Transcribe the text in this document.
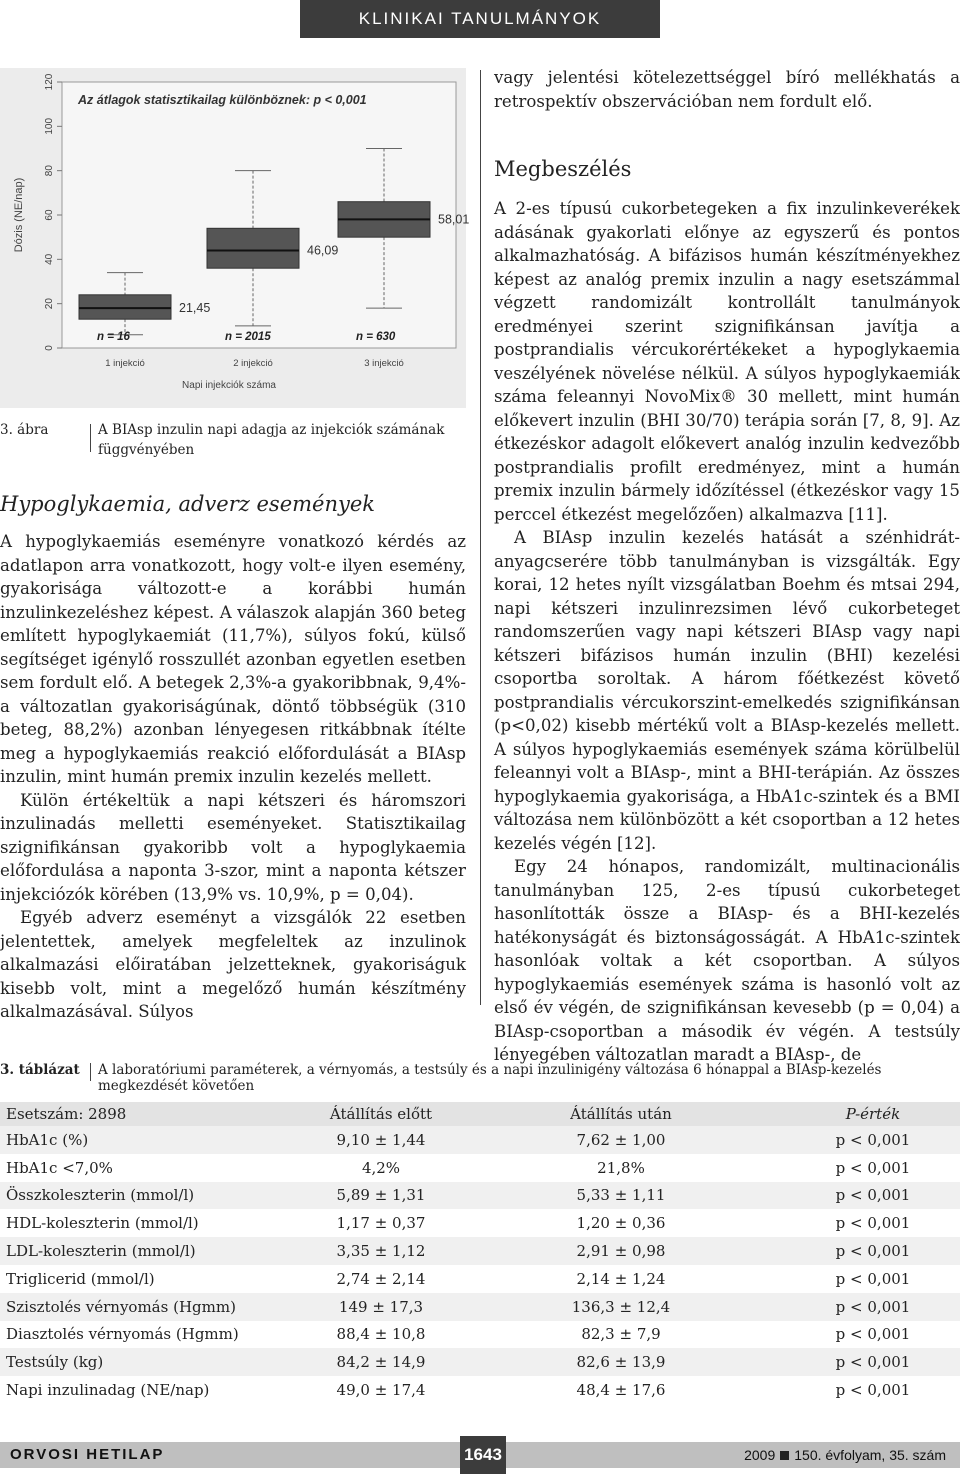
KLINIKAI TANULMÁNYOK
0
20
40
60
80
100
120
Dózis (NE/nap)
Az átlagok statisztikailag különböznek: p < 0,001
21,45
n = 16
1 injekció
46,09
n = 2015
2 injekció
58,01
n = 630
3 injekció
Napi injekciók száma
3. ábra	A BIAsp inzulin napi adagja az injekciók számának függvényében
Hypoglykaemia, adverz események

A hypoglykaemiás eseményre vonatkozó kérdés az adatlapon arra vonatkozott, hogy volt-e ilyen esemény, gyakorisága változott-e a korábbi humán inzulinkezeléshez képest. A válaszok alapján 360 beteg említett hypoglykaemiát (11,7%), súlyos fokú, külső segítséget igénylő rosszullét azonban egyetlen esetben sem fordult elő. A betegek 2,3%-a gyakoribbnak, 9,4%-a változatlan gyakoriságúnak, döntő többségük (310 beteg, 88,2%) azonban lényegesen ritkábbnak ítélte meg a hypoglykaemiás reakció előfordulását a BIAsp inzulin, mint humán premix inzulin kezelés mellett.

Külön értékeltük a napi kétszeri és háromszori inzulinadás melletti eseményeket. Statisztikailag szignifikánsan gyakoribb volt a hypoglykaemia előfordulása a naponta 3-szor, mint a naponta kétszer injekciózók körében (13,9% vs. 10,9%, p = 0,04).

Egyéb adverz eseményt a vizsgálók 22 esetben jelentettek, amelyek megfeleltek az inzulinok alkalmazási előiratában jelzetteknek, gyakoriságuk kisebb volt, mint a megelőző humán készítmény alkalmazásával. Súlyos

vagy jelentési kötelezettséggel bíró mellékhatás a retrospektív obszervációban nem fordult elő.

Megbeszélés

A 2-es típusú cukorbetegeken a fix inzulinkeverékek adásának gyakorlati előnye az egyszerű és pontos alkalmazhatóság. A bifázisos humán készítményekhez képest az analóg premix inzulin a nagy esetszámmal végzett randomizált kontrollált tanulmányok eredményei szerint szignifikánsan javítja a postprandialis vércukorértékeket a hypoglykaemia veszélyének növelése nélkül. A súlyos hypoglykaemiák száma feleannyi NovoMix® 30 mellett, mint humán előkevert inzulin (BHI 30/70) terápia során [7, 8, 9]. Az étkezéskor adagolt előkevert analóg inzulin kedvezőbb postprandialis profilt eredményez, mint a humán premix inzulin bármely időzítéssel (étkezéskor vagy 15 perccel étkezést megelőzően) alkalmazva [11].

A BIAsp inzulin kezelés hatását a szénhidrát-anyagcserére több tanulmányban is vizsgálták. Egy korai, 12 hetes nyílt vizsgálatban Boehm és mtsai 294, napi kétszeri inzulinrezsimen lévő cukorbeteget randomszerűen vagy napi kétszeri BIAsp vagy napi kétszeri bifázisos humán inzulin (BHI) kezelési csoportba soroltak. A három főétkezést követő postprandialis vércukorszint-emelkedés szignifikánsan (p<0,02) kisebb mértékű volt a BIAsp-kezelés mellett. A súlyos hypoglykaemiás események száma körülbelül feleannyi volt a BIAsp-, mint a BHI-terápián. Az összes hypoglykaemia gyakorisága, a HbA1c-szintek és a BMI változása nem különbözött a két csoportban a 12 hetes kezelés végén [12].

Egy 24 hónapos, randomizált, multinacionális tanulmányban 125, 2-es típusú cukorbeteget hasonlították össze a BIAsp- és a BHI-kezelés hatékonyságát és biztonságosságát. A HbA1c-szintek hasonlóak voltak a két csoportban. A súlyos hypoglykaemiás események száma is hasonló volt az első év végén, de szignifikánsan kevesebb (p = 0,04) a BIAsp-csoportban a második év végén. A testsúly lényegében változatlan maradt a BIAsp-, de

3. táblázat A laboratóriumi paraméterek, a vérnyomás, a testsúly és a napi inzulinigény változása 6 hónappal a BIAsp-kezelés megkezdését követően
Esetszám: 2898	Átállítás előtt	Átállítás után	P-érték
HbA1c (%)	9,10 ± 1,44	7,62 ± 1,00	p < 0,001
HbA1c <7,0%	4,2%	21,8%	p < 0,001
Összkoleszterin (mmol/l)	5,89 ± 1,31	5,33 ± 1,11	p < 0,001
HDL-koleszterin (mmol/l)	1,17 ± 0,37	1,20 ± 0,36	p < 0,001
LDL-koleszterin (mmol/l)	3,35 ± 1,12	2,91 ± 0,98	p < 0,001
Triglicerid (mmol/l)	2,74 ± 2,14	2,14 ± 1,24	p < 0,001
Szisztolés vérnyomás (Hgmm)	149 ± 17,3	136,3 ± 12,4	p < 0,001
Diasztolés vérnyomás (Hgmm)	88,4 ± 10,8	82,3 ± 7,9	p < 0,001
Testsúly (kg)	84,2 ± 14,9	82,6 ± 13,9	p < 0,001
Napi inzulinadag (NE/nap)	49,0 ± 17,4	48,4 ± 17,6	p < 0,001
ORVOSI HETILAP	1643	2009 150. évfolyam, 35. szám
